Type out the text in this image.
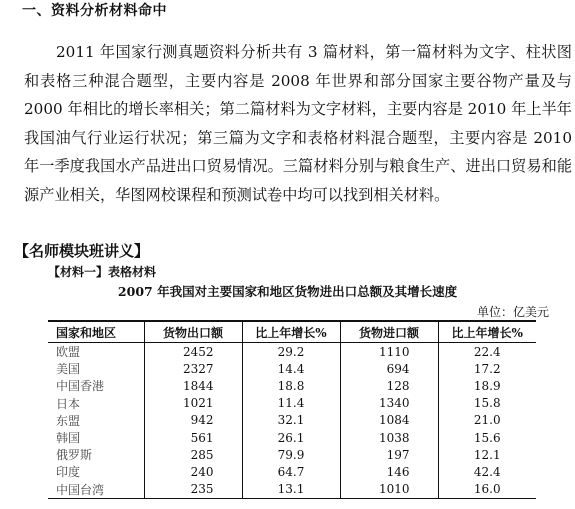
一、资料分析材料命中

2011 年国家行测真题资料分析共有 3 篇材料，第一篇材料为文字、柱状图和表格三种混合题型，主要内容是 2008 年世界和部分国家主要谷物产量及与 2000 年相比的增长率相关；第二篇材料为文字材料，主要内容是 2010 年上半年我国油气行业运行状况；第三篇为文字和表格材料混合题型，主要内容是 2010 年一季度我国水产品进出口贸易情况。三篇材料分别与粮食生产、进出口贸易和能源产业相关，华图网校课程和预测试卷中均可以找到相关材料。

【名师模块班讲义】
【材料一】表格材料
2007 年我国对主要国家和地区货物进出口总额及其增长速度
单位：亿美元
国家和地区	货物出口额	比上年增长%	货物进口额	比上年增长%
欧盟	2452	29.2	1110	22.4
美国	2327	14.4	694	17.2
中国香港	1844	18.8	128	18.9
日本	1021	11.4	1340	15.8
东盟	942	32.1	1084	21.0
韩国	561	26.1	1038	15.6
俄罗斯	285	79.9	197	12.1
印度	240	64.7	146	42.4
中国台湾	235	13.1	1010	16.0
